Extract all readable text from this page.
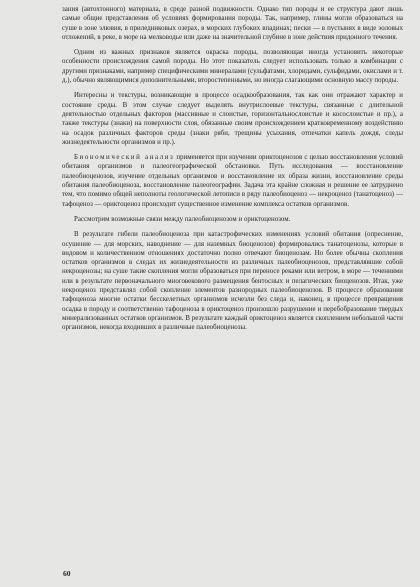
зания (автохтонного) материала, в среде разной подвижности. Однако тип породы и ее структура дают лишь самые общие представления об условиях формирования породы. Так, например, глины могли образоваться на суше в зоне элювия, в приледниковых озерах, в морских глубоких впадинах; пески — в пустынях в виде эоловых отложений, в реке, в море на мелководье или даже на значительной глубине в зоне действия придонного течения.

Одним из важных признаков является окраска породы, позволяющая иногда установить некоторые особенности происхождения самой породы. Но этот показатель следует использовать только в комбинации с другими признаками, например специфическими минералами (сульфатами, хлоридами, сульфидами, окислами и т. д.), обычно являющимися дополнительными, второстепенными, но иногда слагающими основную массу породы.

Интересны и текстуры, возникающие в процессе осадкообразования, так как они отражают характер и состояние среды. В этом случае следует выделять внутрислоевые текстуры, связанные с длительной деятельностью отдельных факторов (массивные и слоистые, горизонтальнослоистые и косослоистые и пр.), а также текстуры (знаки) на поверхности слоя, обязанные своим происхождением кратковременному воздействию на осадок различных факторов среды (знаки ряби, трещины усыхания, отпечатки капель дождя, следы жизнедеятельности организмов и пр.).

Биономический анализ применяется при изучении ориктоценозов с целью восстановления условий обитания организмов и палеогеографической обстановки. Путь исследования — восстановление палеобиоценозов, изучение отдельных организмов и восстановление их образа жизни, восстановление среды обитания палеобиоценоза, восстановление палеогеографии. Задача эта крайне сложная и решение ее затруднено тем, что помимо общей неполноты геологической летописи в ряду палеобиоценоз — некроценоз (танатоценоз) — тафоценоз — ориктоценоз происходит существенное изменение комплекса остатков организмов.

Рассмотрим возможные связи между палеобиоценозом и ориктоценозом.

В результате гибели палеобиоценоза при катастрофических изменениях условий обитания (опреснение, осушение — для морских, наводнение — для наземных биоценозов) формировались танатоценозы, которые в видовом и количественном отношениях достаточно полно отвечают биоценозам. Но более обычны скопления остатков организмов в следах их жизнедеятельности из различных палеобиоценозов, представлявшие собой некроценозы; на суше такие скопления могли образоваться при переносе реками или ветром, в море — течениями или в результате первоначального многовекового размещения бентосных и пелагических биоценозов. Итак, уже некроценоз представлял собой скопление элементов разнородных палеобиоценозов. В процессе образования тафоценоза многие остатки бесскелетных организмов исчезли без следа и, наконец, в процессе превращения осадка в породу и соответственно тафоценоза в ориктоценоз произошло разрушение и перебобразование твердых минерализованных остатков организмов. В результате каждый ориктоценоз является скоплением небольшой части организмов, некогда входивших в различные палеобиоценозы.

60
